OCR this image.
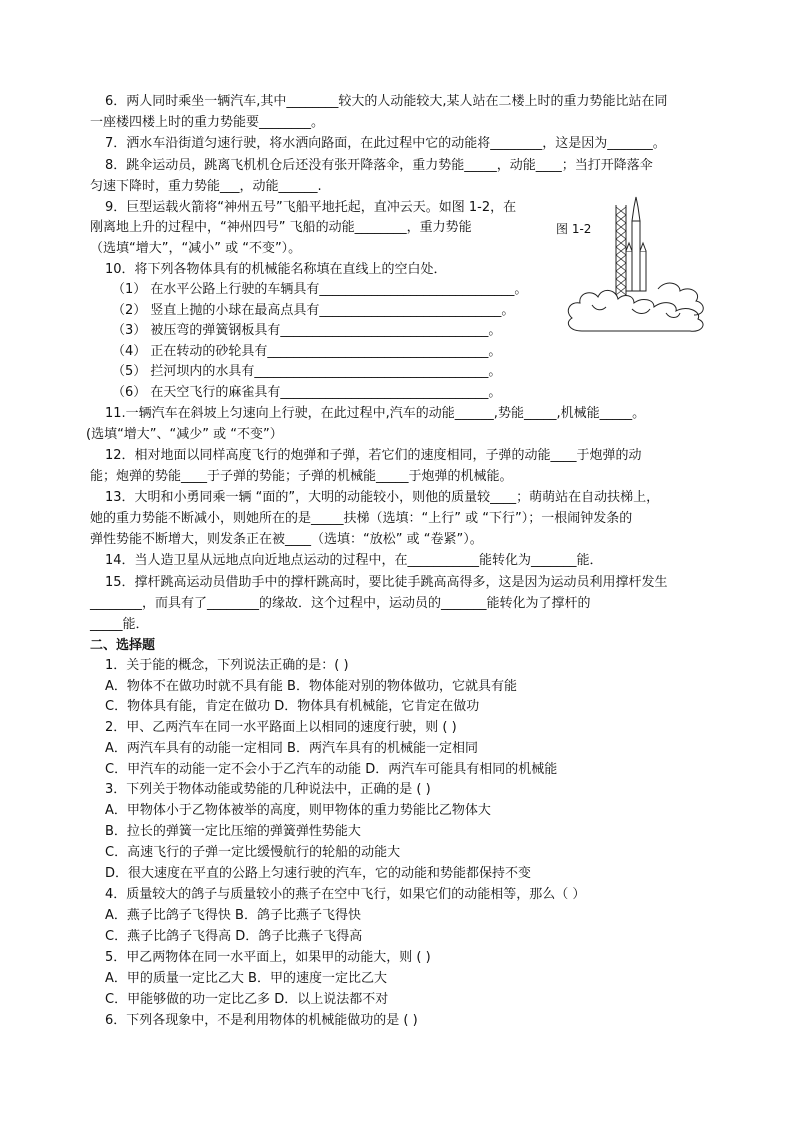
图 1-2
6．两人同时乘坐一辆汽车,其中________较大的人动能较大,某人站在二楼上时的重力势能比站在同
一座楼四楼上时的重力势能要________。
7．洒水车沿街道匀速行驶，将水洒向路面，在此过程中它的动能将________，这是因为_______。
8．跳伞运动员，跳离飞机机仓后还没有张开降落伞，重力势能_____，动能____；当打开降落伞
匀速下降时，重力势能___，动能______.
9．巨型运载火箭将“神州五号”飞船平地托起，直冲云天。如图 1-2，在
刚离地上升的过程中，“神州四号” 飞船的动能________，重力势能
（选填“增大”，“减小” 或 “不变”）。
10．将下列各物体具有的机械能名称填在直线上的空白处．
（1） 在水平公路上行驶的车辆具有______________________________。
（2） 竖直上抛的小球在最高点具有____________________________。
（3） 被压弯的弹簧钢板具有________________________________。
（4） 正在转动的砂轮具有__________________________________。
（5） 拦河坝内的水具有____________________________________。
（6） 在天空飞行的麻雀具有________________________________。
11.一辆汽车在斜坡上匀速向上行驶，在此过程中,汽车的动能______,势能_____,机械能_____。
(选填“增大”、“减少” 或 “不变”）
12．相对地面以同样高度飞行的炮弹和子弹，若它们的速度相同，子弹的动能____于炮弹的动
能；炮弹的势能____于子弹的势能；子弹的机械能_____于炮弹的机械能。
13．大明和小勇同乘一辆 “面的”，大明的动能较小，则他的质量较____；萌萌站在自动扶梯上，
她的重力势能不断减小，则她所在的是_____扶梯（选填：“上行” 或 “下行”）；一根闹钟发条的
弹性势能不断增大，则发条正在被____（选填：“放松” 或 “卷紧”）。
14．当人造卫星从远地点向近地点运动的过程中，在___________能转化为_______能．
15．撑杆跳高运动员借助手中的撑杆跳高时，要比徒手跳高高得多，这是因为运动员利用撑杆发生
________，而具有了________的缘故．这个过程中，运动员的_______能转化为了撑杆的
_____能．
二、选择题
1．关于能的概念，下列说法正确的是：( )
A．物体不在做功时就不具有能 B．物体能对别的物体做功，它就具有能
C．物体具有能，肯定在做功 D．物体具有机械能，它肯定在做功
2．甲、乙两汽车在同一水平路面上以相同的速度行驶，则 ( )
A．两汽车具有的动能一定相同 B．两汽车具有的机械能一定相同
C．甲汽车的动能一定不会小于乙汽车的动能 D．两汽车可能具有相同的机械能
3．下列关于物体动能或势能的几种说法中，正确的是 ( )
A．甲物体小于乙物体被举的高度，则甲物体的重力势能比乙物体大
B．拉长的弹簧一定比压缩的弹簧弹性势能大
C．高速飞行的子弹一定比缓慢航行的轮船的动能大
D．很大速度在平直的公路上匀速行驶的汽车，它的动能和势能都保持不变
4．质量较大的鸽子与质量较小的燕子在空中飞行，如果它们的动能相等，那么（ ）
A．燕子比鸽子飞得快 B．鸽子比燕子飞得快
C．燕子比鸽子飞得高 D．鸽子比燕子飞得高
5．甲乙两物体在同一水平面上，如果甲的动能大，则 ( )
A．甲的质量一定比乙大 B．甲的速度一定比乙大
C．甲能够做的功一定比乙多 D．以上说法都不对
6．下列各现象中，不是利用物体的机械能做功的是 ( )
